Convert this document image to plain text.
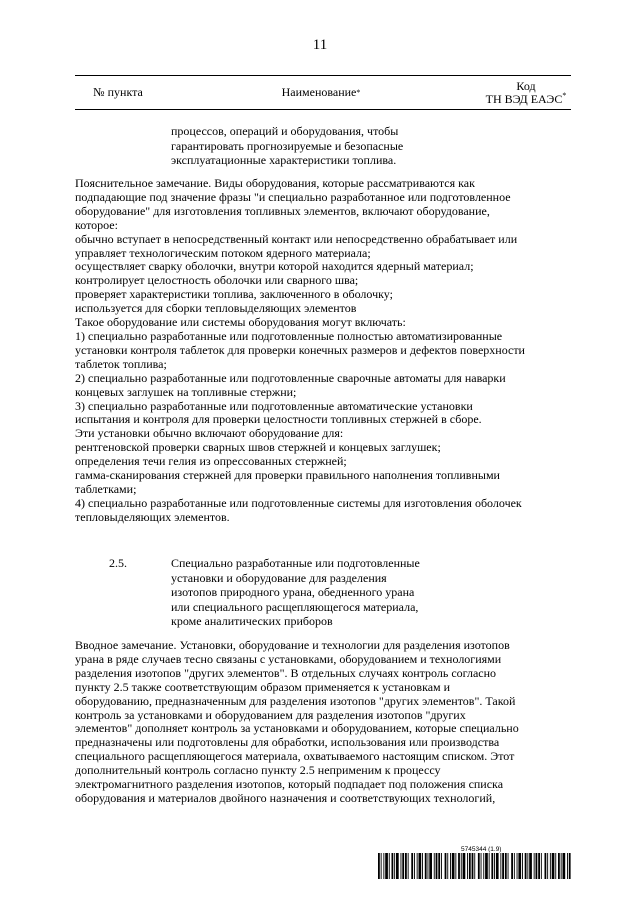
11
№ пункта	Наименование *	Код
ТН ВЭД ЕАЭС*

процессов, операций и оборудования, чтобы

гарантировать прогнозируемые и безопасные

эксплуатационные характеристики топлива.

Пояснительное замечание. Виды оборудования, которые рассматриваются как

подпадающие под значение фразы "и специально разработанное или подготовленное

оборудование" для изготовления топливных элементов, включают оборудование,

которое:

обычно вступает в непосредственный контакт или непосредственно обрабатывает или

управляет технологическим потоком ядерного материала;

осуществляет сварку оболочки, внутри которой находится ядерный материал;

контролирует целостность оболочки или сварного шва;

проверяет характеристики топлива, заключенного в оболочку;

используется для сборки тепловыделяющих элементов

Такое оборудование или системы оборудования могут включать:

1) специально разработанные или подготовленные полностью автоматизированные

установки контроля таблеток для проверки конечных размеров и дефектов поверхности

таблеток топлива;

2) специально разработанные или подготовленные сварочные автоматы для наварки

концевых заглушек на топливные стержни;

3) специально разработанные или подготовленные автоматические установки

испытания и контроля для проверки целостности топливных стержней в сборе.

Эти установки обычно включают оборудование для:

рентгеновской проверки сварных швов стержней и концевых заглушек;

определения течи гелия из опрессованных стержней;

гамма-сканирования стержней для проверки правильного наполнения топливными

таблетками;

4) специально разработанные или подготовленные системы для изготовления оболочек

тепловыделяющих элементов.

2.5.	Специально разработанные или подготовленные

установки и оборудование для разделения

изотопов природного урана, обедненного урана

или специального расщепляющегося материала,

кроме аналитических приборов

Вводное замечание. Установки, оборудование и технологии для разделения изотопов

урана в ряде случаев тесно связаны с установками, оборудованием и технологиями

разделения изотопов "других элементов". В отдельных случаях контроль согласно

пункту 2.5 также соответствующим образом применяется к установкам и

оборудованию, предназначенным для разделения изотопов "других элементов". Такой

контроль за установками и оборудованием для разделения изотопов "других

элементов" дополняет контроль за установками и оборудованием, которые специально

предназначены или подготовлены для обработки, использования или производства

специального расщепляющегося материала, охватываемого настоящим списком. Этот

дополнительный контроль согласно пункту 2.5 неприменим к процессу

электромагнитного разделения изотопов, который подпадает под положения списка

оборудования и материалов двойного назначения и соответствующих технологий,

5745344 (1.9)
